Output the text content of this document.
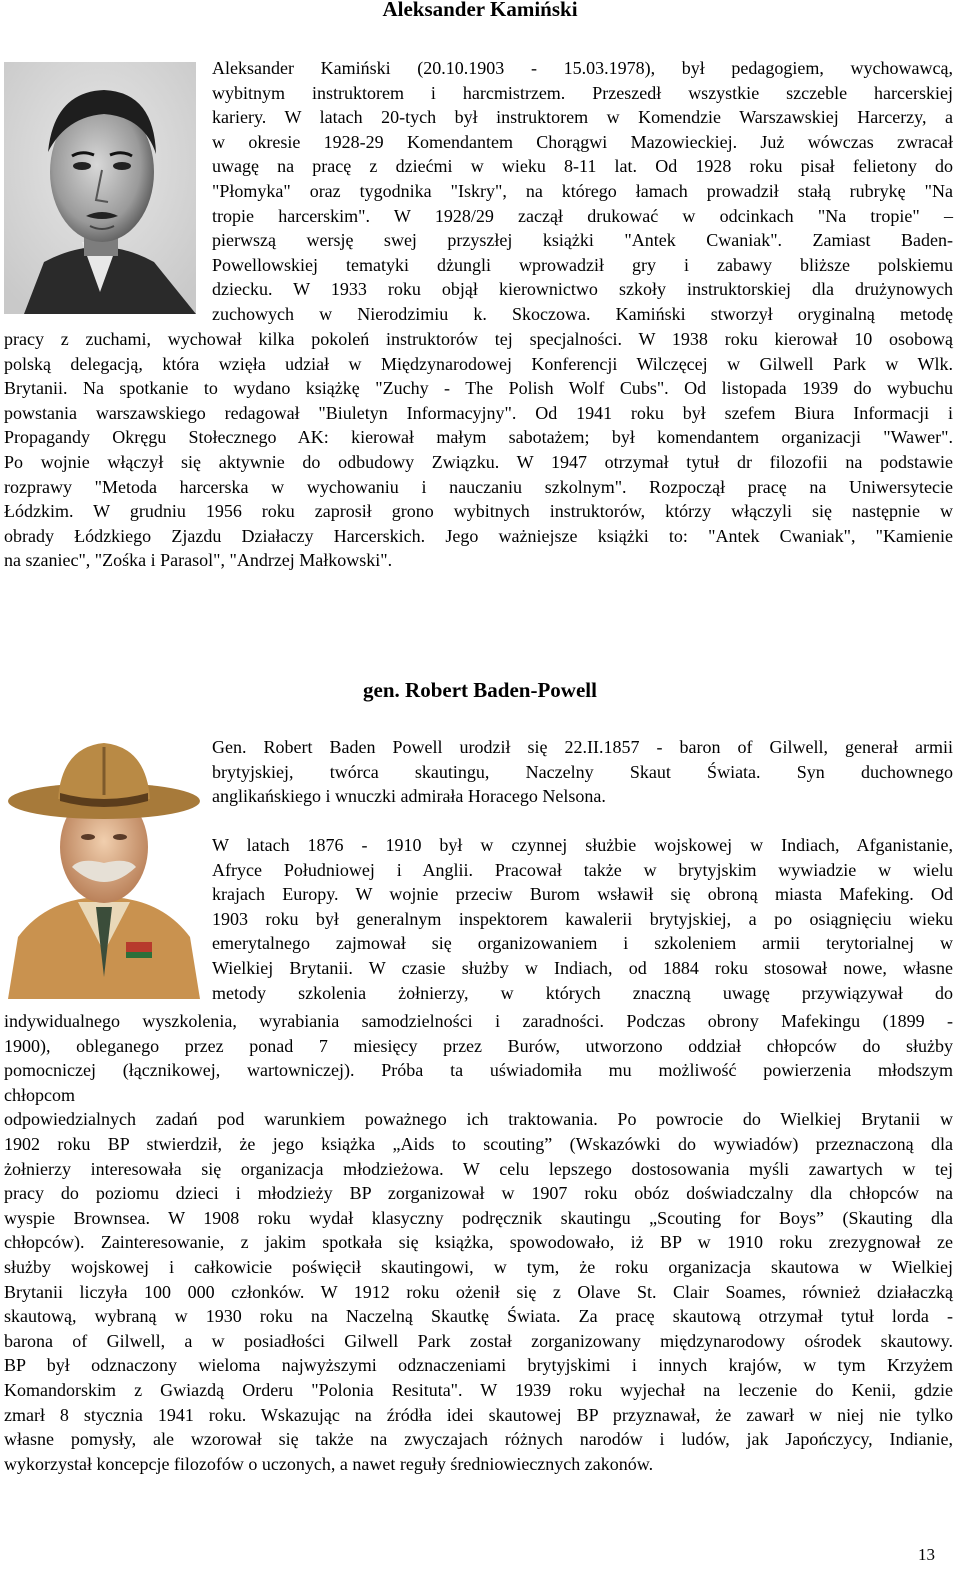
Aleksander Kamiński
Aleksander Kamiński (20.10.1903 - 15.03.1978), był pedagogiem, wychowawcą,
wybitnym instruktorem i harcmistrzem. Przeszedł wszystkie szczeble harcerskiej
kariery. W latach 20-tych był instruktorem w Komendzie Warszawskiej Harcerzy, a
w okresie 1928-29 Komendantem Chorągwi Mazowieckiej. Już wówczas zwracał
uwagę na pracę z dziećmi w wieku 8-11 lat. Od 1928 roku pisał felietony do
"Płomyka" oraz tygodnika "Iskry", na którego łamach prowadził stałą rubrykę "Na
tropie harcerskim". W 1928/29 zaczął drukować w odcinkach "Na tropie" –
pierwszą wersję swej przyszłej książki "Antek Cwaniak". Zamiast Baden-
Powellowskiej tematyki dżungli wprowadził gry i zabawy bliższe polskiemu
dziecku. W 1933 roku objął kierownictwo szkoły instruktorskiej dla drużynowych
zuchowych w Nierodzimiu k. Skoczowa. Kamiński stworzył oryginalną metodę
pracy z zuchami, wychował kilka pokoleń instruktorów tej specjalności. W 1938 roku kierował 10 osobową
polską delegacją, która wzięła udział w Międzynarodowej Konferencji Wilczęcej w Gilwell Park w Wlk.
Brytanii. Na spotkanie to wydano książkę "Zuchy - The Polish Wolf Cubs". Od listopada 1939 do wybuchu
powstania warszawskiego redagował "Biuletyn Informacyjny". Od 1941 roku był szefem Biura Informacji i
Propagandy Okręgu Stołecznego AK: kierował małym sabotażem; był komendantem organizacji "Wawer".
Po wojnie włączył się aktywnie do odbudowy Związku. W 1947 otrzymał tytuł dr filozofii na podstawie
rozprawy "Metoda harcerska w wychowaniu i nauczaniu szkolnym". Rozpoczął pracę na Uniwersytecie
Łódzkim. W grudniu 1956 roku zaprosił grono wybitnych instruktorów, którzy włączyli się następnie w
obrady Łódzkiego Zjazdu Działaczy Harcerskich. Jego ważniejsze książki to: "Antek Cwaniak", "Kamienie
na szaniec", "Zośka i Parasol", "Andrzej Małkowski".
gen. Robert Baden-Powell
Gen. Robert Baden Powell urodził się 22.II.1857 - baron of Gilwell, generał armii
brytyjskiej, twórca skautingu, Naczelny Skaut Świata. Syn duchownego
anglikańskiego i wnuczki admirała Horacego Nelsona.
W latach 1876 - 1910 był w czynnej służbie wojskowej w Indiach, Afganistanie,
Afryce Południowej i Anglii. Pracował także w brytyjskim wywiadzie w wielu
krajach Europy. W wojnie przeciw Burom wsławił się obroną miasta Mafeking. Od
1903 roku był generalnym inspektorem kawalerii brytyjskiej, a po osiągnięciu wieku
emerytalnego zajmował się organizowaniem i szkoleniem armii terytorialnej w
Wielkiej Brytanii. W czasie służby w Indiach, od 1884 roku stosował nowe, własne
metody szkolenia żołnierzy, w których znaczną uwagę przywiązywał do
indywidualnego wyszkolenia, wyrabiania samodzielności i zaradności. Podczas obrony Mafekingu (1899 -
1900), obleganego przez ponad 7 miesięcy przez Burów, utworzono oddział chłopców do służby
pomocniczej (łącznikowej, wartowniczej). Próba ta uświadomiła mu możliwość powierzenia młodszym
chłopcom
odpowiedzialnych zadań pod warunkiem poważnego ich traktowania. Po powrocie do Wielkiej Brytanii w
1902 roku BP stwierdził, że jego książka „Aids to scouting” (Wskazówki do wywiadów) przeznaczoną dla
żołnierzy interesowała się organizacja młodzieżowa. W celu lepszego dostosowania myśli zawartych w tej
pracy do poziomu dzieci i młodzieży BP zorganizował w 1907 roku obóz doświadczalny dla chłopców na
wyspie Brownsea. W 1908 roku wydał klasyczny podręcznik skautingu „Scouting for Boys” (Skauting dla
chłopców). Zainteresowanie, z jakim spotkała się książka, spowodowało, iż BP w 1910 roku zrezygnował ze
służby wojskowej i całkowicie poświęcił skautingowi, w tym, że roku organizacja skautowa w Wielkiej
Brytanii liczyła 100 000 członków. W 1912 roku ożenił się z Olave St. Clair Soames, również działaczką
skautową, wybraną w 1930 roku na Naczelną Skautkę Świata. Za pracę skautową otrzymał tytuł lorda -
barona of Gilwell, a w posiadłości Gilwell Park został zorganizowany międzynarodowy ośrodek skautowy.
BP był odznaczony wieloma najwyższymi odznaczeniami brytyjskimi i innych krajów, w tym Krzyżem
Komandorskim z Gwiazdą Orderu "Polonia Resituta". W 1939 roku wyjechał na leczenie do Kenii, gdzie
zmarł 8 stycznia 1941 roku. Wskazując na źródła idei skautowej BP przyznawał, że zawarł w niej nie tylko
własne pomysły, ale wzorował się także na zwyczajach różnych narodów i ludów, jak Japończycy, Indianie,
wykorzystał koncepcje filozofów o uczonych, a nawet reguły średniowiecznych zakonów.
13
